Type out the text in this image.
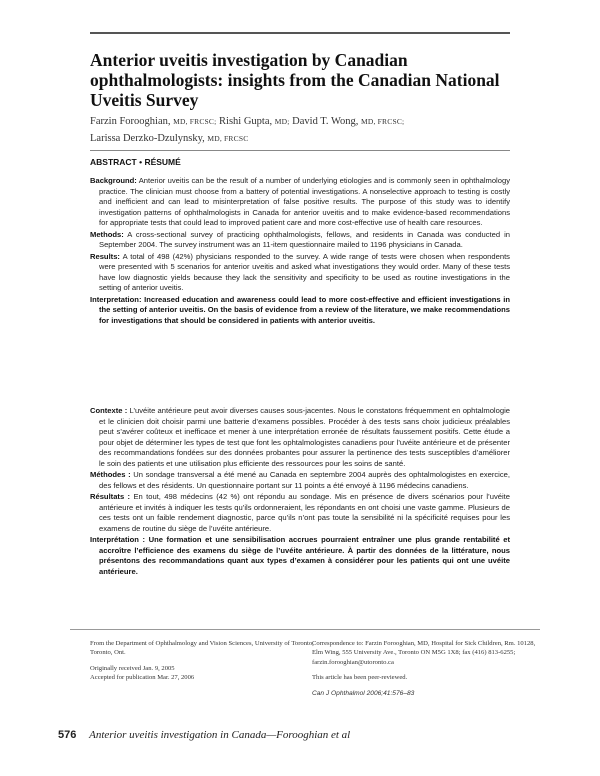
Anterior uveitis investigation by Canadian ophthalmologists: insights from the Canadian National Uveitis Survey
Farzin Forooghian, MD, FRCSC; Rishi Gupta, MD; David T. Wong, MD, FRCSC;
Larissa Derzko-Dzulynsky, MD, FRCSC
ABSTRACT • RÉSUMÉ

Background: Anterior uveitis can be the result of a number of underlying etiologies and is commonly seen in ophthalmology practice. The clinician must choose from a battery of potential investigations. A nonselective approach to testing is costly and inefficient and can lead to misinterpretation of false positive results. The purpose of this study was to identify investigation patterns of ophthalmologists in Canada for anterior uveitis and to make evidence-based recommendations for appropriate tests that could lead to improved patient care and more cost-effective use of health care resources.

Methods: A cross-sectional survey of practicing ophthalmologists, fellows, and residents in Canada was conducted in September 2004. The survey instrument was an 11-item questionnaire mailed to 1196 physicians in Canada.

Results: A total of 498 (42%) physicians responded to the survey. A wide range of tests were chosen when respondents were presented with 5 scenarios for anterior uveitis and asked what investigations they would order. Many of these tests have low diagnostic yields because they lack the sensitivity and specificity to be used as routine investigations in the setting of anterior uveitis.

Interpretation: Increased education and awareness could lead to more cost-effective and efficient investigations in the setting of anterior uveitis. On the basis of evidence from a review of the literature, we make recommendations for investigations that should be considered in patients with anterior uveitis.

Contexte : L’uvéite antérieure peut avoir diverses causes sous-jacentes. Nous le constatons fréquemment en ophtalmologie et le clinicien doit choisir parmi une batterie d’examens possibles. Procéder à des tests sans choix judicieux préalables peut s’avérer coûteux et inefficace et mener à une interprétation erronée de résultats faussement positifs. Cette étude a pour objet de déterminer les types de test que font les ophtalmologistes canadiens pour l’uvéite antérieure et de présenter des recommandations fondées sur des données probantes pour assurer la pertinence des tests susceptibles d’améliorer le soin des patients et une utilisation plus efficiente des ressources pour les soins de santé.

Méthodes : Un sondage transversal a été mené au Canada en septembre 2004 auprès des ophtalmologistes en exercice, des fellows et des résidents. Un questionnaire portant sur 11 points a été envoyé à 1196 médecins canadiens.

Résultats : En tout, 498 médecins (42 %) ont répondu au sondage. Mis en présence de divers scénarios pour l’uvéite antérieure et invités à indiquer les tests qu’ils ordonneraient, les répondants en ont choisi une vaste gamme. Plusieurs de ces tests ont un faible rendement diagnostic, parce qu’ils n’ont pas toute la sensibilité ni la spécificité requises pour les examens de routine du siège de l’uvéite antérieure.

Interprétation : Une formation et une sensibilisation accrues pourraient entraîner une plus grande rentabilité et accroître l’efficience des examens du siège de l’uvéite antérieure. À partir des données de la littérature, nous présentons des recommandations quant aux types d’examen à considérer pour les patients qui ont une uvéite antérieure.

From the Department of Ophthalmology and Vision Sciences, University of Toronto, Toronto, Ont.

Originally received Jan. 9, 2005
Accepted for publication Mar. 27, 2006

Correspondence to: Farzin Forooghian, MD, Hospital for Sick Children, Rm. 10128, Elm Wing, 555 University Ave., Toronto ON M5G 1X8; fax (416) 813-6255; farzin.forooghian@utoronto.ca

This article has been peer-reviewed.

Can J Ophthalmol 2006;41:576–83
576 Anterior uveitis investigation in Canada—Forooghian et al
